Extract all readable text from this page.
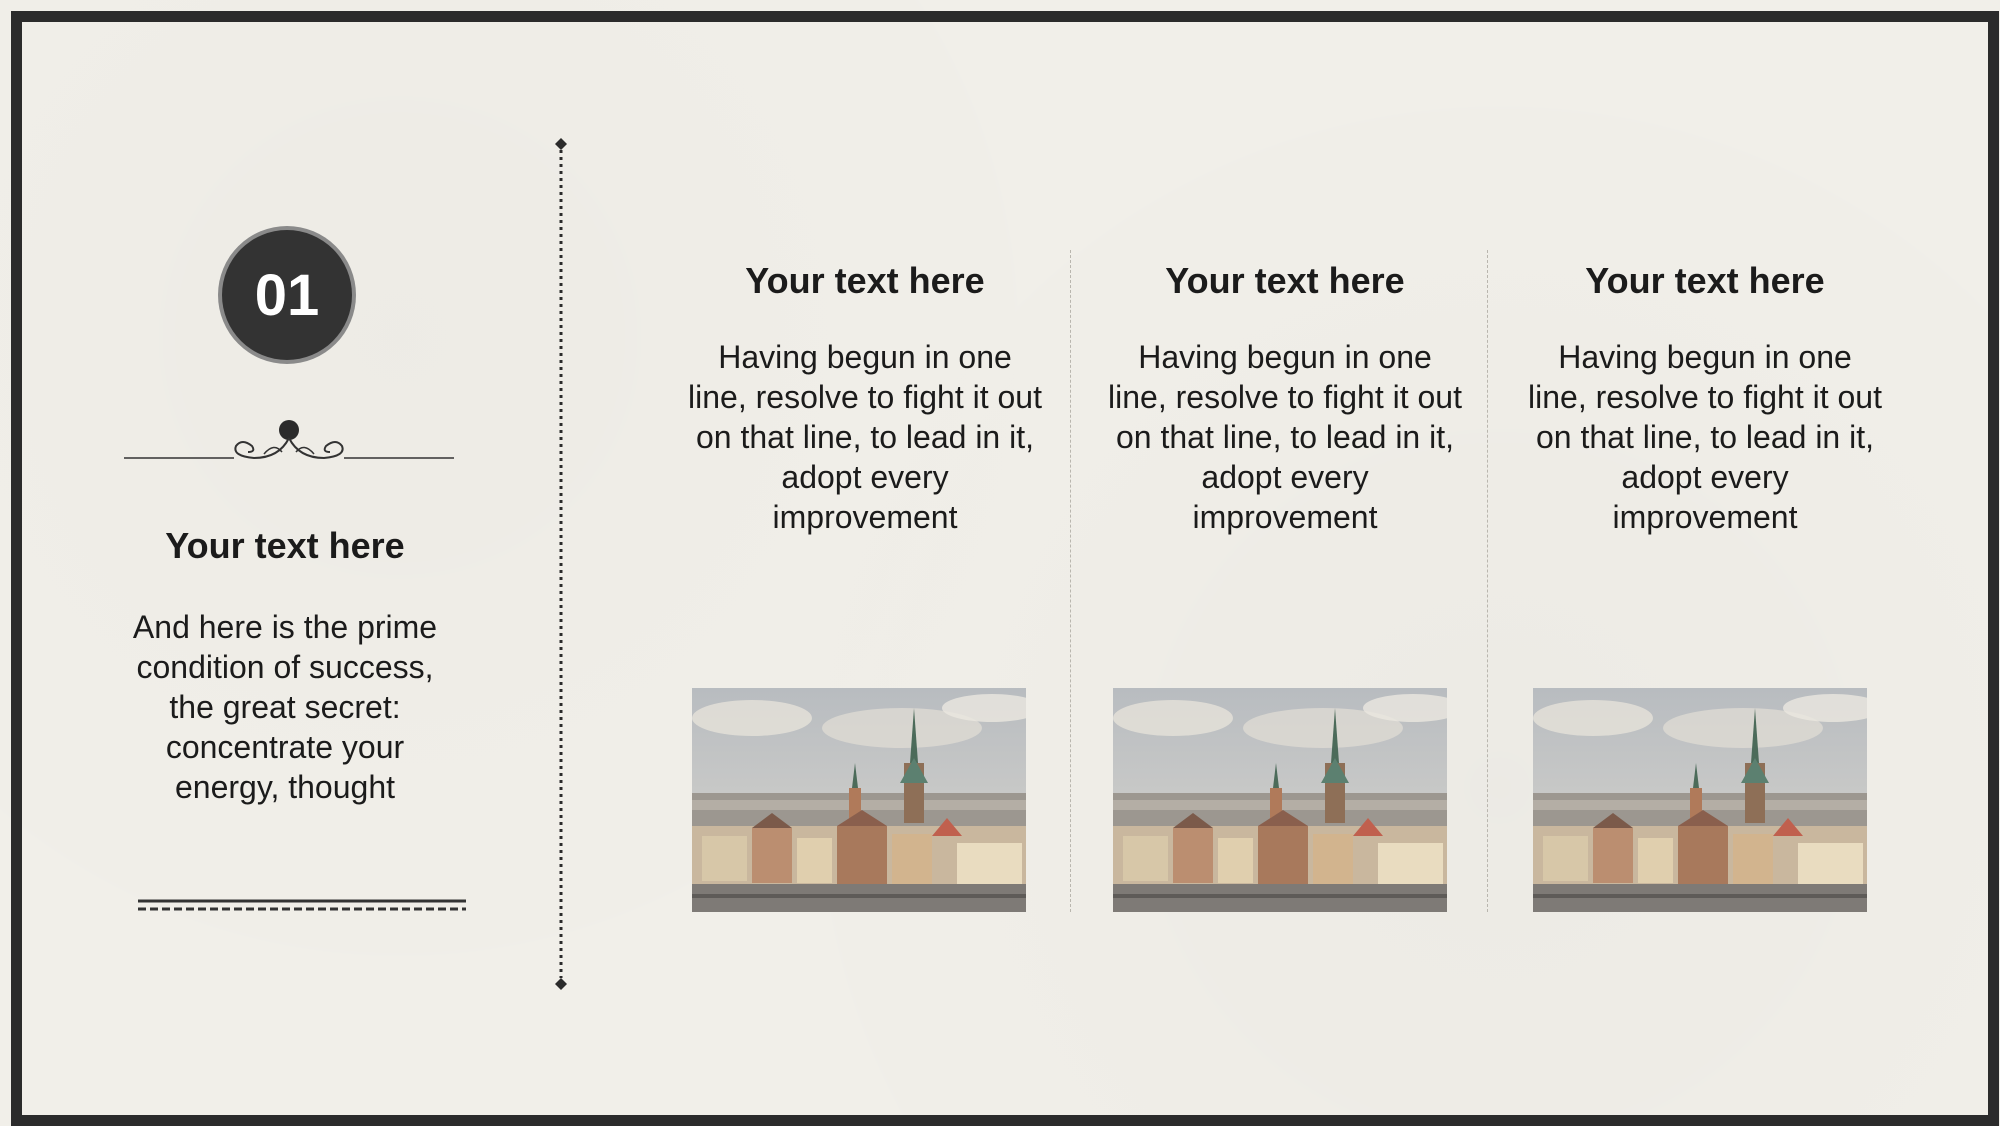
01
Your text here
And here is the prime condition of success, the great secret: concentrate your energy, thought
Your text here
Having begun in one line, resolve to fight it out on that line, to lead in it, adopt every improvement
Your text here
Having begun in one line, resolve to fight it out on that line, to lead in it, adopt every improvement
Your text here
Having begun in one line, resolve to fight it out on that line, to lead in it, adopt every improvement
